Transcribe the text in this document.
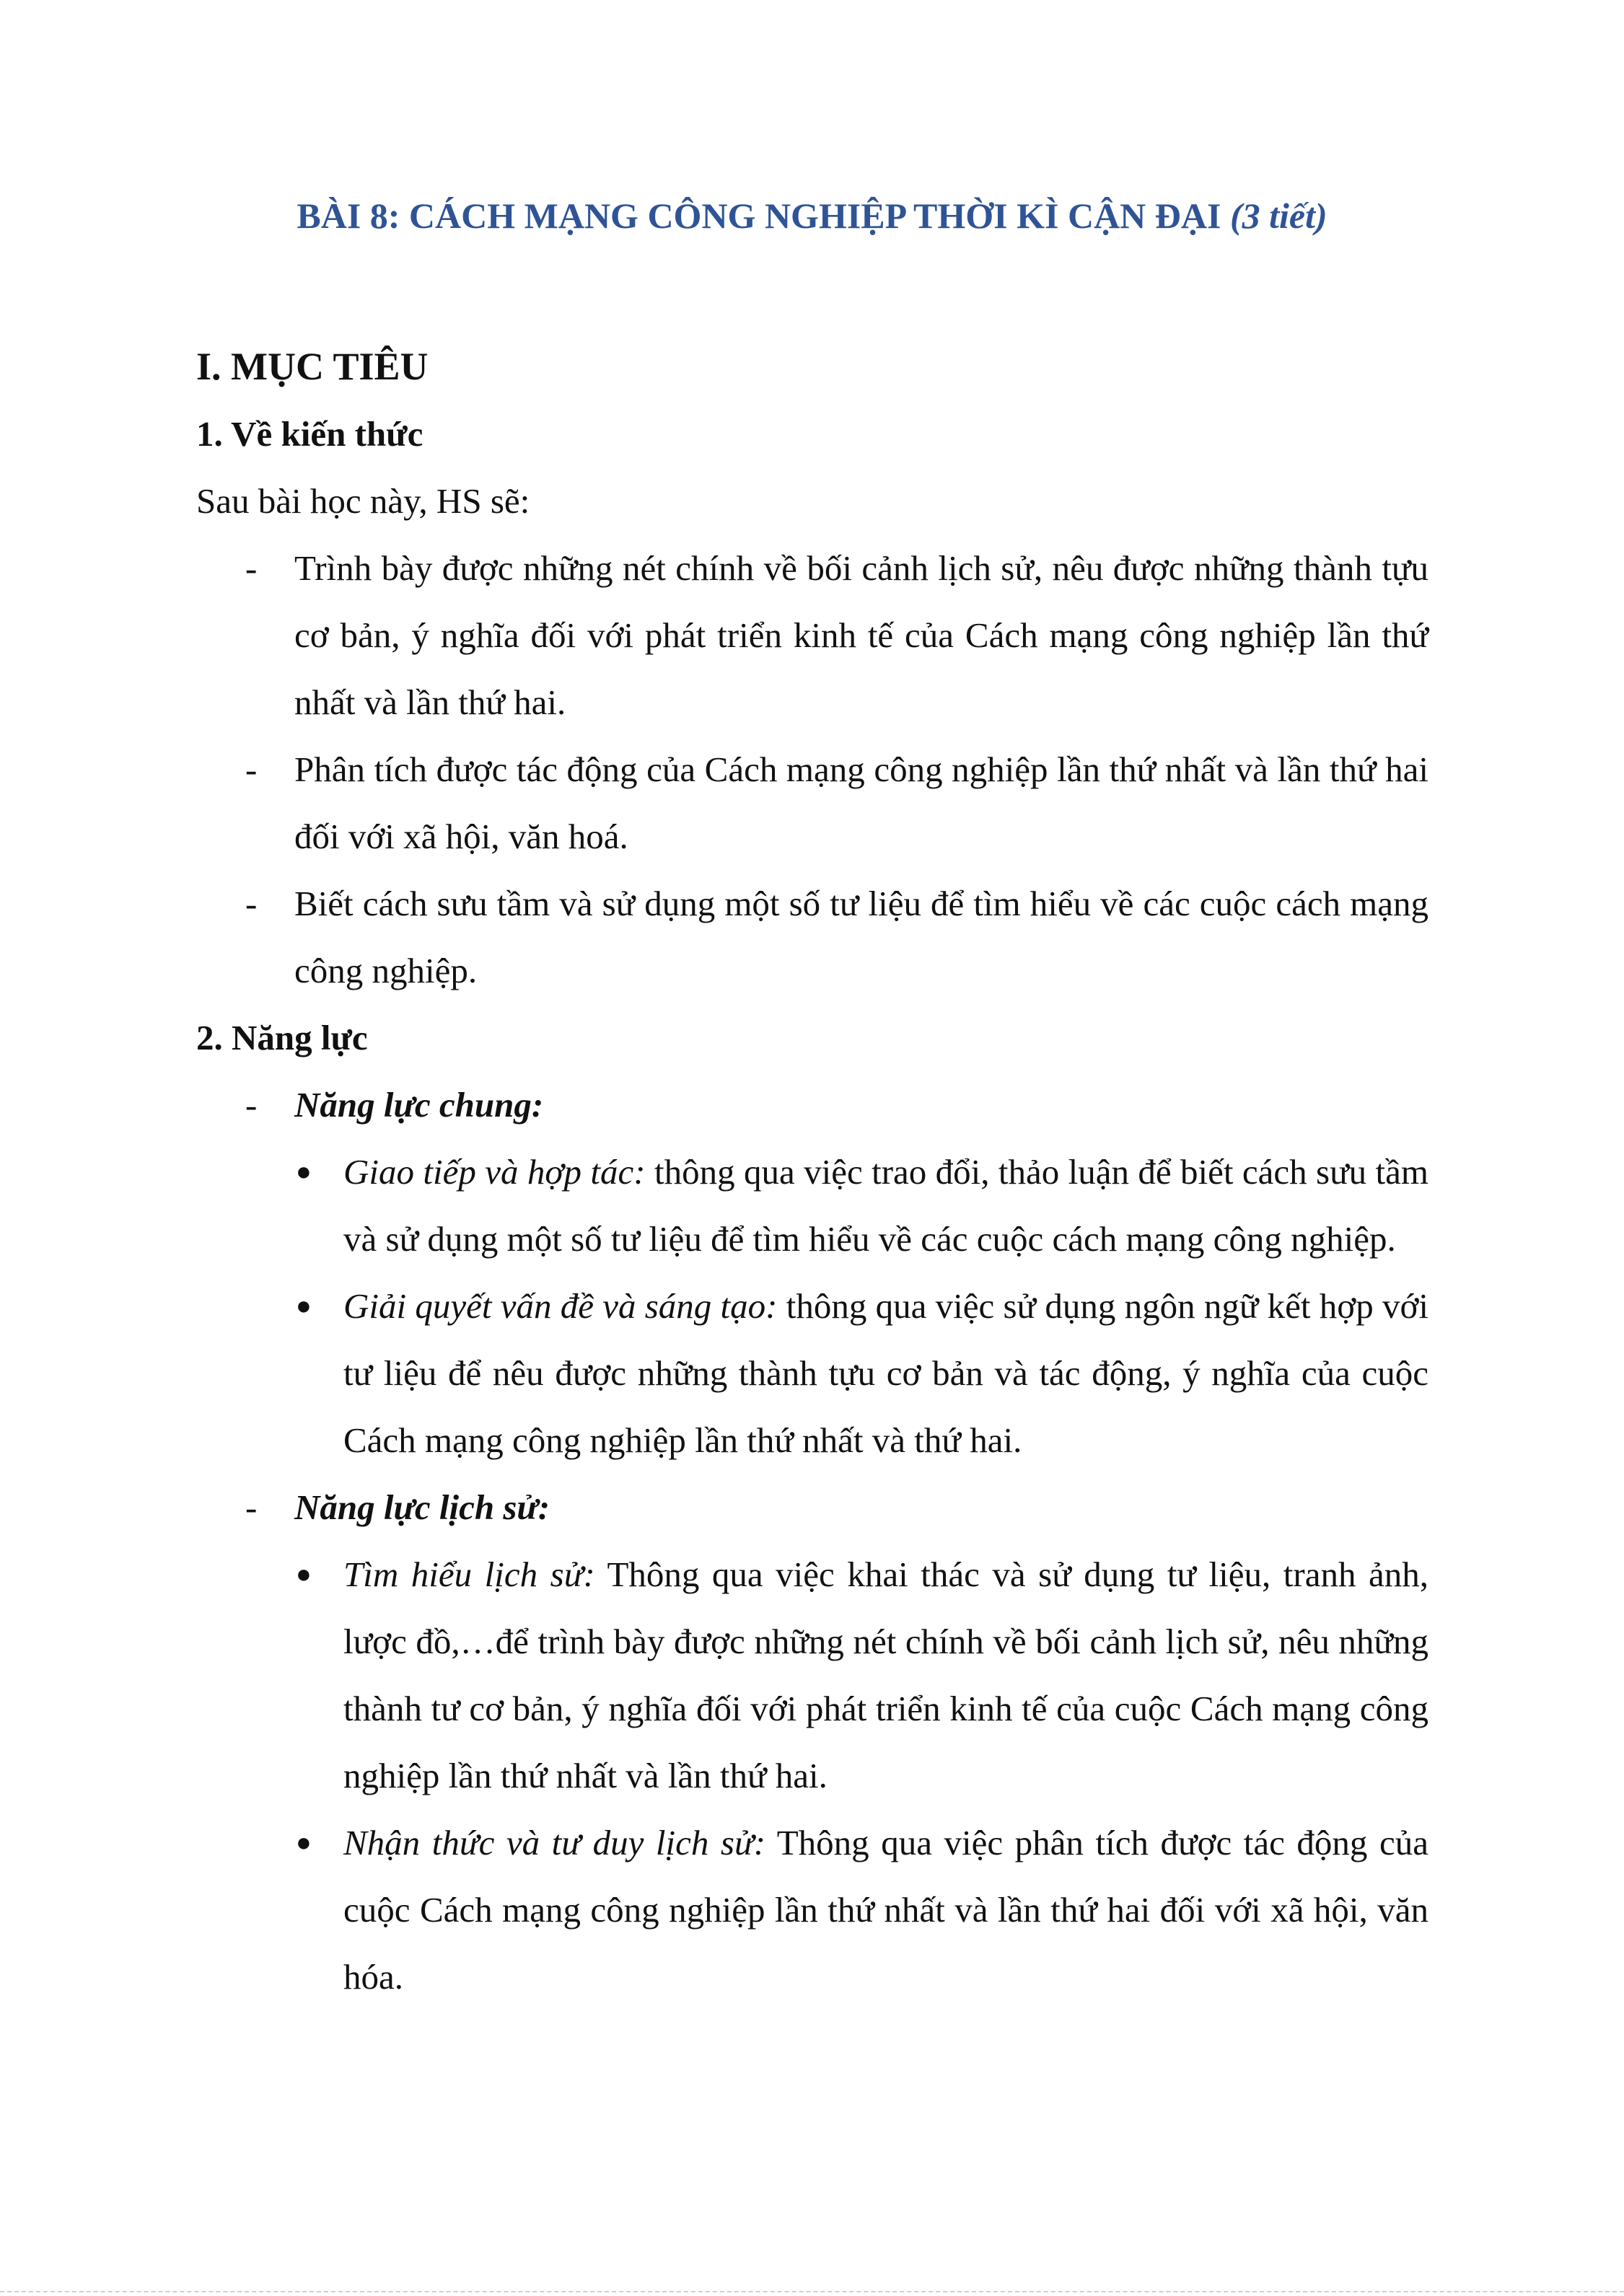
BÀI 8: CÁCH MẠNG CÔNG NGHIỆP THỜI KÌ CẬN ĐẠI (3 tiết)
I. MỤC TIÊU
1. Về kiến thức
Sau bài học này, HS sẽ:
- Trình bày được những nét chính về bối cảnh lịch sử, nêu được những thành tựu cơ bản, ý nghĩa đối với phát triển kinh tế của Cách mạng công nghiệp lần thứ nhất và lần thứ hai.
- Phân tích được tác động của Cách mạng công nghiệp lần thứ nhất và lần thứ hai đối với xã hội, văn hoá.
- Biết cách sưu tầm và sử dụng một số tư liệu để tìm hiểu về các cuộc cách mạng công nghiệp.
2. Năng lực
- Năng lực chung:
● Giao tiếp và hợp tác: thông qua việc trao đổi, thảo luận để biết cách sưu tầm và sử dụng một số tư liệu để tìm hiểu về các cuộc cách mạng công nghiệp.
● Giải quyết vấn đề và sáng tạo: thông qua việc sử dụng ngôn ngữ kết hợp với tư liệu để nêu được những thành tựu cơ bản và tác động, ý nghĩa của cuộc Cách mạng công nghiệp lần thứ nhất và thứ hai.
- Năng lực lịch sử:
● Tìm hiểu lịch sử: Thông qua việc khai thác và sử dụng tư liệu, tranh ảnh, lược đồ,…để trình bày được những nét chính về bối cảnh lịch sử, nêu những thành tư cơ bản, ý nghĩa đối với phát triển kinh tế của cuộc Cách mạng công nghiệp lần thứ nhất và lần thứ hai.
● Nhận thức và tư duy lịch sử: Thông qua việc phân tích được tác động của cuộc Cách mạng công nghiệp lần thứ nhất và lần thứ hai đối với xã hội, văn hóa.
